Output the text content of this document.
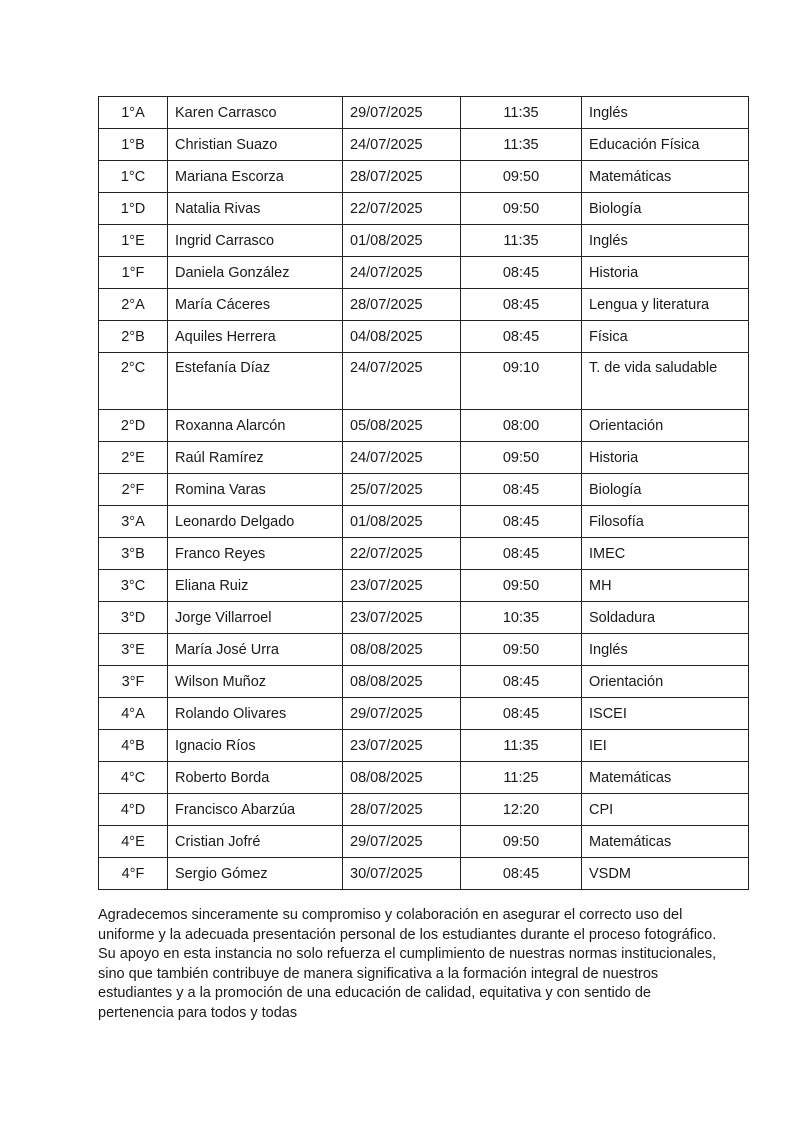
1°A	Karen Carrasco	29/07/2025	11:35	Inglés
1°B	Christian Suazo	24/07/2025	11:35	Educación Física
1°C	Mariana Escorza	28/07/2025	09:50	Matemáticas
1°D	Natalia Rivas	22/07/2025	09:50	Biología
1°E	Ingrid Carrasco	01/08/2025	11:35	Inglés
1°F	Daniela González	24/07/2025	08:45	Historia
2°A	María Cáceres	28/07/2025	08:45	Lengua y literatura
2°B	Aquiles Herrera	04/08/2025	08:45	Física
2°C	Estefanía Díaz	24/07/2025	09:10	T. de vida saludable
2°D	Roxanna Alarcón	05/08/2025	08:00	Orientación
2°E	Raúl Ramírez	24/07/2025	09:50	Historia
2°F	Romina Varas	25/07/2025	08:45	Biología
3°A	Leonardo Delgado	01/08/2025	08:45	Filosofía
3°B	Franco Reyes	22/07/2025	08:45	IMEC
3°C	Eliana Ruiz	23/07/2025	09:50	MH
3°D	Jorge Villarroel	23/07/2025	10:35	Soldadura
3°E	María José Urra	08/08/2025	09:50	Inglés
3°F	Wilson Muñoz	08/08/2025	08:45	Orientación
4°A	Rolando Olivares	29/07/2025	08:45	ISCEI
4°B	Ignacio Ríos	23/07/2025	11:35	IEI
4°C	Roberto Borda	08/08/2025	11:25	Matemáticas
4°D	Francisco Abarzúa	28/07/2025	12:20	CPI
4°E	Cristian Jofré	29/07/2025	09:50	Matemáticas
4°F	Sergio Gómez	30/07/2025	08:45	VSDM

Agradecemos sinceramente su compromiso y colaboración en asegurar el correcto uso del uniforme y la adecuada presentación personal de los estudiantes durante el proceso fotográfico. Su apoyo en esta instancia no solo refuerza el cumplimiento de nuestras normas institucionales, sino que también contribuye de manera significativa a la formación integral de nuestros estudiantes y a la promoción de una educación de calidad, equitativa y con sentido de pertenencia para todos y todas
